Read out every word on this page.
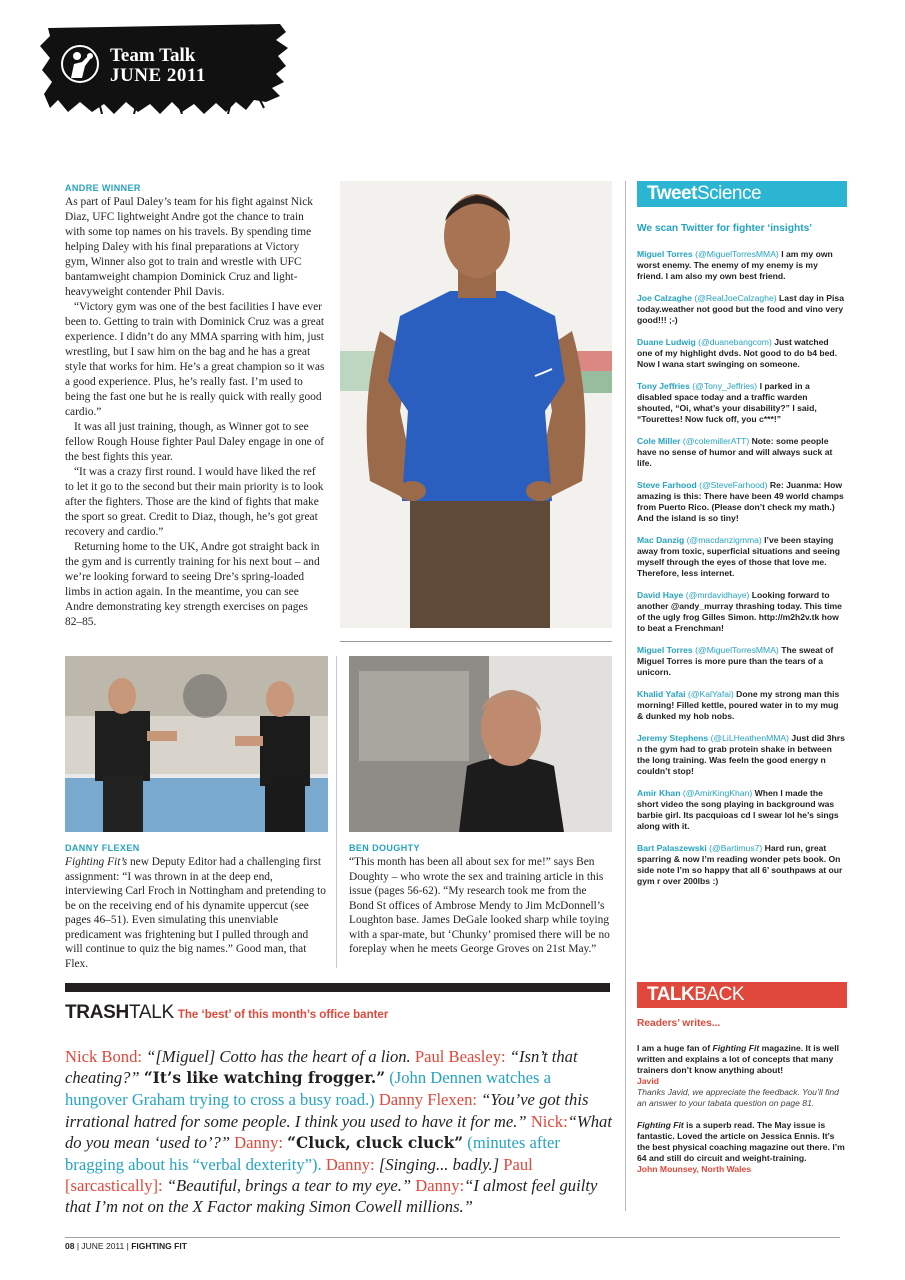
Team Talk
JUNE 2011
ANDRE WINNER

As part of Paul Daley’s team for his fight against Nick Diaz, UFC lightweight Andre got the chance to train with some top names on his travels. By spending time helping Daley with his final preparations at Victory gym, Winner also got to train and wrestle with UFC bantamweight champion Dominick Cruz and light-heavyweight contender Phil Davis.

“Victory gym was one of the best facilities I have ever been to. Getting to train with Dominick Cruz was a great experience. I didn’t do any MMA sparring with him, just wrestling, but I saw him on the bag and he has a great style that works for him. He’s a great champion so it was a good experience. Plus, he’s really fast. I’m used to being the fast one but he is really quick with really good cardio.”

It was all just training, though, as Winner got to see fellow Rough House fighter Paul Daley engage in one of the best fights this year.

“It was a crazy first round. I would have liked the ref to let it go to the second but their main priority is to look after the fighters. Those are the kind of fights that make the sport so great. Credit to Diaz, though, he’s got great recovery and cardio.”

Returning home to the UK, Andre got straight back in the gym and is currently training for his next bout – and we’re looking forward to seeing Dre’s spring-loaded limbs in action again. In the meantime, you can see Andre demonstrating key strength exercises on pages 82–85.

DANNY FLEXEN

Fighting Fit’s new Deputy Editor had a challenging first assignment: “I was thrown in at the deep end, interviewing Carl Froch in Nottingham and pretending to be on the receiving end of his dynamite uppercut (see pages 46–51). Even simulating this unenviable predicament was frightening but I pulled through and will continue to quiz the big names.” Good man, that Flex.

BEN DOUGHTY

“This month has been all about sex for me!” says Ben Doughty – who wrote the sex and training article in this issue (pages 56-62). “My research took me from the Bond St offices of Ambrose Mendy to Jim McDonnell’s Loughton base. James DeGale looked sharp while toying with a spar-mate, but ‘Chunky’ promised there will be no foreplay when he meets George Groves on 21st May.”

TRASHTALK The ‘best’ of this month’s office banter
Nick Bond: “[Miguel] Cotto has the heart of a lion. Paul Beasley: “Isn’t that cheating?” “It’s like watching frogger.” (John Dennen watches a hungover Graham trying to cross a busy road.) Danny Flexen: “You’ve got this irrational hatred for some people. I think you used to have it for me.” Nick:“What do you mean ‘used to’?” Danny: “Cluck, cluck cluck” (minutes after bragging about his “verbal dexterity”). Danny: [Singing... badly.] Paul [sarcastically]: “Beautiful, brings a tear to my eye.” Danny:“I almost feel guilty that I’m not on the X Factor making Simon Cowell millions.”
Tweet Science
We scan Twitter for fighter ‘insights’
Miguel Torres (@MiguelTorresMMA) I am my own worst enemy. The enemy of my enemy is my friend. I am also my own best friend.
Joe Calzaghe (@RealJoeCalzaghe) Last day in Pisa today.weather not good but the food and vino very good!!! ;-)
Duane Ludwig (@duanebangcom) Just watched one of my highlight dvds. Not good to do b4 bed. Now I wana start swinging on someone.
Tony Jeffries (@Tony_Jeffries) I parked in a disabled space today and a traffic warden shouted, “Oi, what’s your disability?” I said, “Tourettes! Now fuck off, you c***!”
Cole Miller (@colemillerATT) Note: some people have no sense of humor and will always suck at life.
Steve Farhood (@SteveFarhood) Re: Juanma: How amazing is this: There have been 49 world champs from Puerto Rico. (Please don’t check my math.) And the island is so tiny!
Mac Danzig (@macdanzigmma) I’ve been staying away from toxic, superficial situations and seeing myself through the eyes of those that love me. Therefore, less internet.
David Haye (@mrdavidhaye) Looking forward to another @andy_murray thrashing today. This time of the ugly frog Gilles Simon. http://m2h2v.tk how to beat a Frenchman!
Miguel Torres (@MiguelTorresMMA) The sweat of Miguel Torres is more pure than the tears of a unicorn.
Khalid Yafai (@KalYafai) Done my strong man this morning! Filled kettle, poured water in to my mug & dunked my hob nobs.
Jeremy Stephens (@LiLHeathenMMA) Just did 3hrs n the gym had to grab protein shake in between the long training. Was feeln the good energy n couldn’t stop!
Amir Khan (@AmirKingKhan) When I made the short video the song playing in background was barbie girl. Its pacquioas cd I swear lol he’s sings along with it.
Bart Palaszewski (@Bartimus7) Hard run, great sparring & now I’m reading wonder pets book. On side note I’m so happy that all 6’ southpaws at our gym r over 200lbs :)
TALK BACK
Readers’ writes...
I am a huge fan of Fighting Fit magazine. It is well written and explains a lot of concepts that many trainers don’t know anything about!
Javid
Thanks Javid, we appreciate the feedback. You’ll find an answer to your tabata question on page 81.
Fighting Fit is a superb read. The May issue is fantastic. Loved the article on Jessica Ennis. It’s the best physical coaching magazine out there. I’m 64 and still do circuit and weight-training.
John Mounsey, North Wales
08 | JUNE 2011 | FIGHTING FIT
